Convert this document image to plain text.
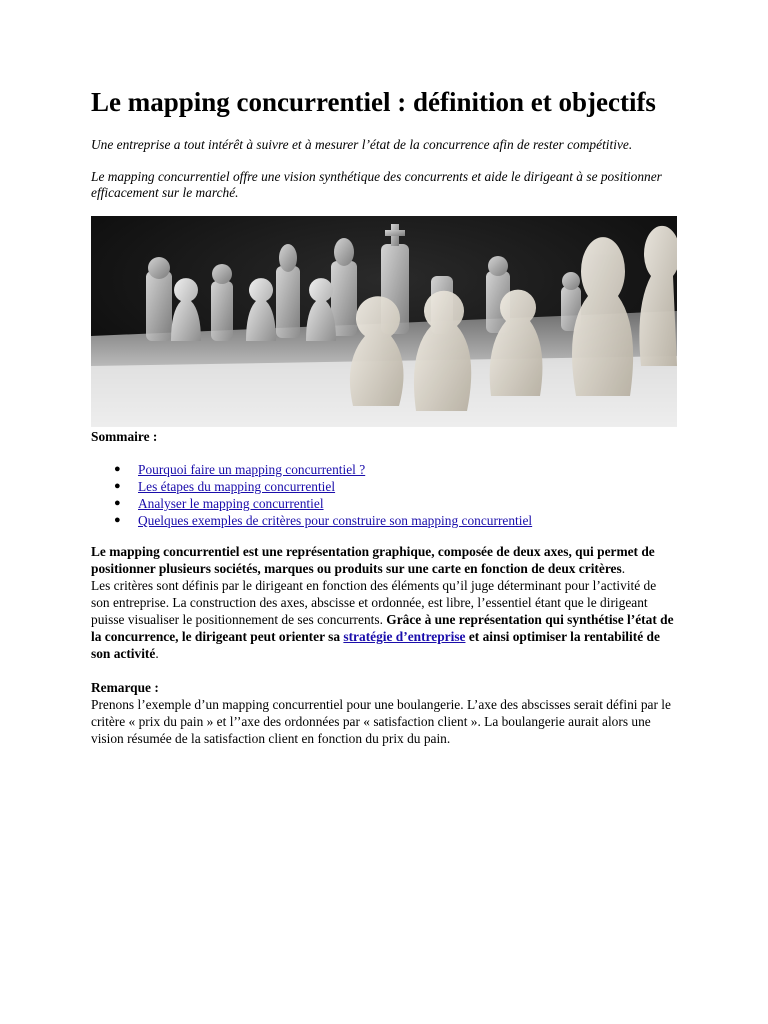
Le mapping concurrentiel : définition et objectifs

Une entreprise a tout intérêt à suivre et à mesurer l’état de la concurrence afin de rester compétitive.

Le mapping concurrentiel offre une vision synthétique des concurrents et aide le dirigeant à se positionner efficacement sur le marché.

Sommaire :

● Pourquoi faire un mapping concurrentiel ?
● Les étapes du mapping concurrentiel
● Analyser le mapping concurrentiel
● Quelques exemples de critères pour construire son mapping concurrentiel

Le mapping concurrentiel est une représentation graphique, composée de deux axes, qui permet de positionner plusieurs sociétés, marques ou produits sur une carte en fonction de deux critères.

Les critères sont définis par le dirigeant en fonction des éléments qu’il juge déterminant pour l’activité de son entreprise. La construction des axes, abscisse et ordonnée, est libre, l’essentiel étant que le dirigeant puisse visualiser le positionnement de ses concurrents. Grâce à une représentation qui synthétise l’état de la concurrence, le dirigeant peut orienter sa stratégie d’entreprise et ainsi optimiser la rentabilité de son activité.

Remarque :

Prenons l’exemple d’un mapping concurrentiel pour une boulangerie. L’axe des abscisses serait défini par le critère « prix du pain » et l’’axe des ordonnées par « satisfaction client ». La boulangerie aurait alors une vision résumée de la satisfaction client en fonction du prix du pain.
